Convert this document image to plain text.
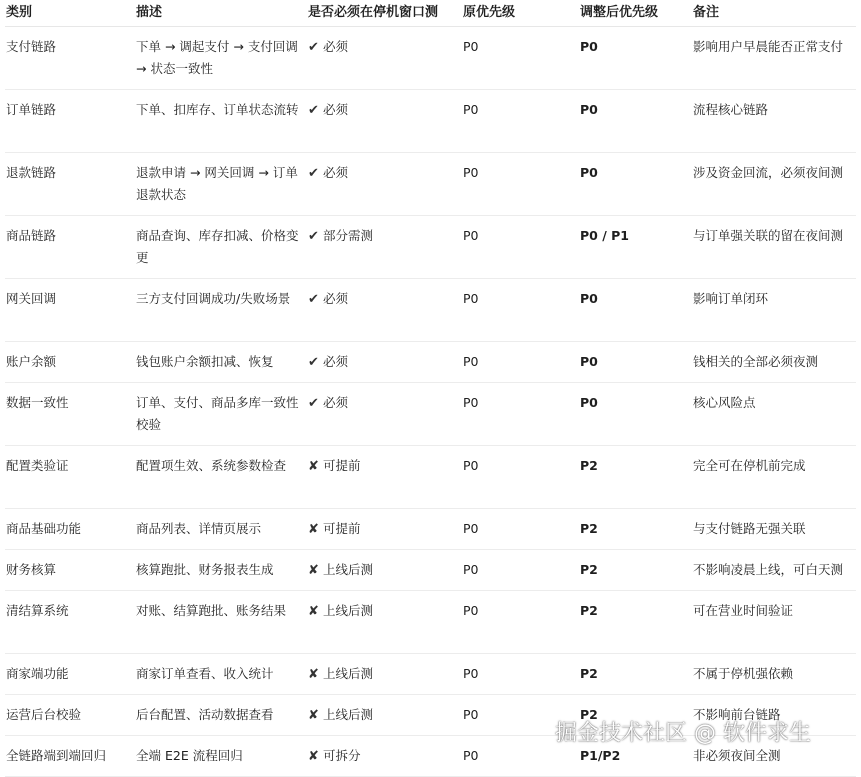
类别	描述	是否必须在停机窗口测	原优先级	调整后优先级	备注
支付链路	下单 → 调起支付 → 支付回调 → 状态一致性	✔ 必须	P0	P0	影响用户早晨能否正常支付
订单链路	下单、扣库存、订单状态流转	✔ 必须	P0	P0	流程核心链路
退款链路	退款申请 → 网关回调 → 订单退款状态	✔ 必须	P0	P0	涉及资金回流，必须夜间测
商品链路	商品查询、库存扣减、价格变更	✔ 部分需测	P0	P0 / P1	与订单强关联的留在夜间测
网关回调	三方支付回调成功/失败场景	✔ 必须	P0	P0	影响订单闭环
账户余额	钱包账户余额扣减、恢复	✔ 必须	P0	P0	钱相关的全部必须夜测
数据一致性	订单、支付、商品多库一致性校验	✔ 必须	P0	P0	核心风险点
配置类验证	配置项生效、系统参数检查	✘ 可提前	P0	P2	完全可在停机前完成
商品基础功能	商品列表、详情页展示	✘ 可提前	P0	P2	与支付链路无强关联
财务核算	核算跑批、财务报表生成	✘ 上线后测	P0	P2	不影响凌晨上线，可白天测
清结算系统	对账、结算跑批、账务结果	✘ 上线后测	P0	P2	可在营业时间验证
商家端功能	商家订单查看、收入统计	✘ 上线后测	P0	P2	不属于停机强依赖
运营后台校验	后台配置、活动数据查看	✘ 上线后测	P0	P2	不影响前台链路
全链路端到端回归	全端 E2E 流程回归	✘ 可拆分	P0	P1/P2	非必须夜间全测
掘金技术社区 @ 软件求生
